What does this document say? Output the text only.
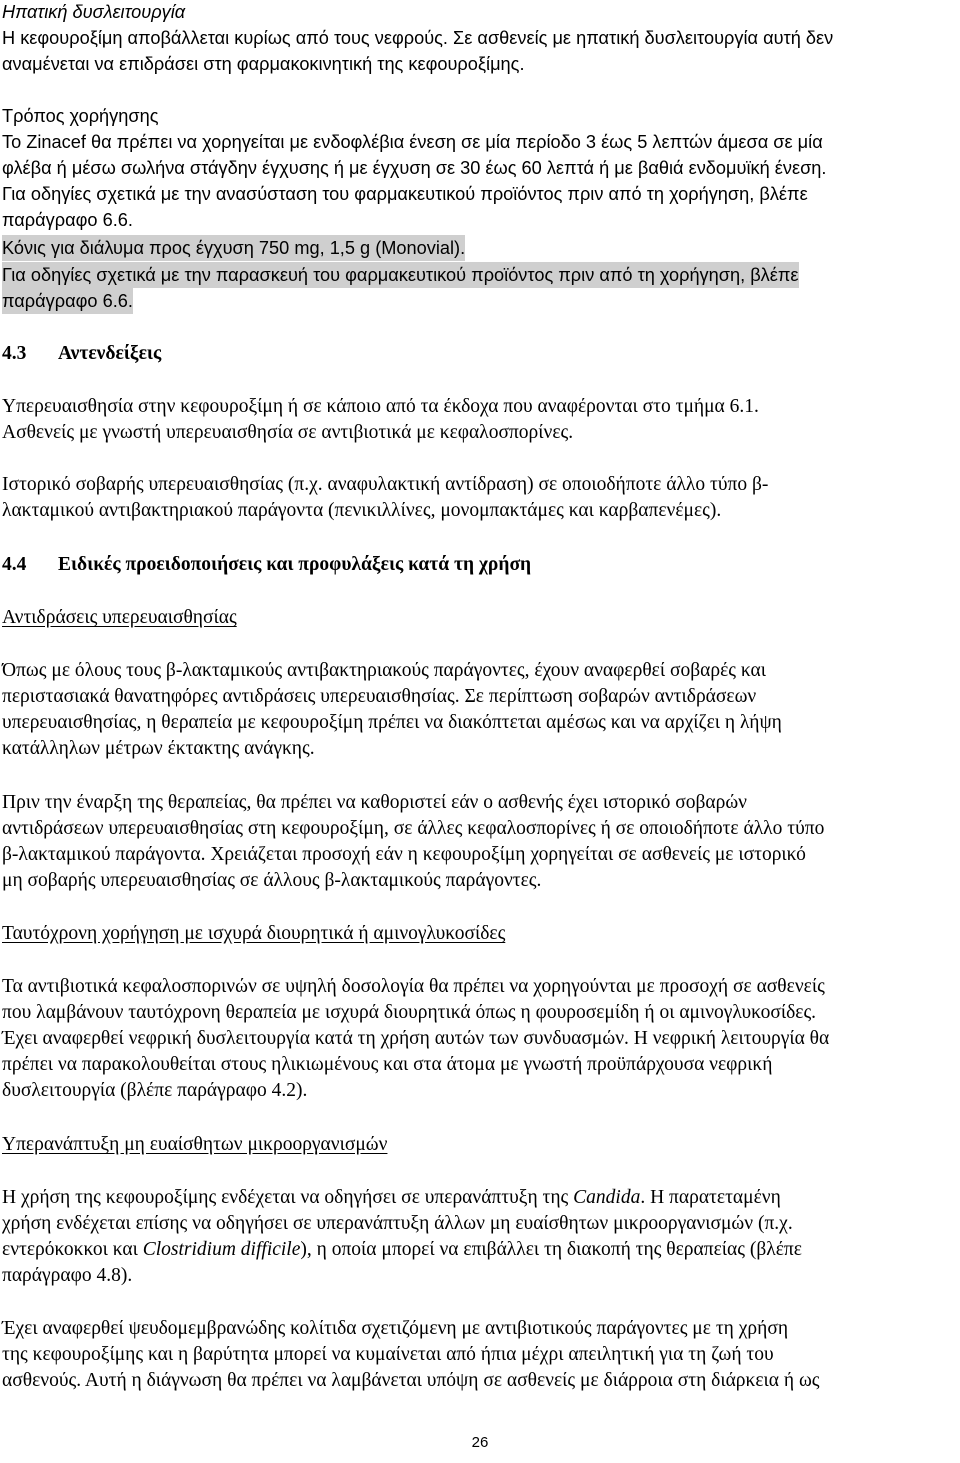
Ηπατική δυσλειτουργία
Η κεφουροξίμη αποβάλλεται κυρίως από τους νεφρούς. Σε ασθενείς με ηπατική δυσλειτουργία αυτή δεν
αναμένεται να επιδράσει στη φαρμακοκινητική της κεφουροξίμης.
Τρόπος χορήγησης
Το Zinacef θα πρέπει να χορηγείται με ενδοφλέβια ένεση σε μία περίοδο 3 έως 5 λεπτών άμεσα σε μία
φλέβα ή μέσω σωλήνα στάγδην έγχυσης ή με έγχυση σε 30 έως 60 λεπτά ή με βαθιά ενδομυϊκή ένεση.
Για οδηγίες σχετικά με την ανασύσταση του φαρμακευτικού προϊόντος πριν από τη χορήγηση, βλέπε
παράγραφο 6.6.
Κόνις για διάλυμα προς έγχυση 750 mg, 1,5 g (Monovial).
Για οδηγίες σχετικά με την παρασκευή του φαρμακευτικού προϊόντος πριν από τη χορήγηση, βλέπε
παράγραφο 6.6.
4.3 Αντενδείξεις
Υπερευαισθησία στην κεφουροξίμη ή σε κάποιο από τα έκδοχα που αναφέρονται στο τμήμα 6.1.
Ασθενείς με γνωστή υπερευαισθησία σε αντιβιοτικά με κεφαλοσπορίνες.
Ιστορικό σοβαρής υπερευαισθησίας (π.χ. αναφυλακτική αντίδραση) σε οποιοδήποτε άλλο τύπο β-
λακταμικού αντιβακτηριακού παράγοντα (πενικιλλίνες, μονομπακτάμες και καρβαπενέμες).
4.4 Ειδικές προειδοποιήσεις και προφυλάξεις κατά τη χρήση
Αντιδράσεις υπερευαισθησίας
Όπως με όλους τους β-λακταμικούς αντιβακτηριακούς παράγοντες, έχουν αναφερθεί σοβαρές και
περιστασιακά θανατηφόρες αντιδράσεις υπερευαισθησίας. Σε περίπτωση σοβαρών αντιδράσεων
υπερευαισθησίας, η θεραπεία με κεφουροξίμη πρέπει να διακόπτεται αμέσως και να αρχίζει η λήψη
κατάλληλων μέτρων έκτακτης ανάγκης.
Πριν την έναρξη της θεραπείας, θα πρέπει να καθοριστεί εάν ο ασθενής έχει ιστορικό σοβαρών
αντιδράσεων υπερευαισθησίας στη κεφουροξίμη, σε άλλες κεφαλοσπορίνες ή σε οποιοδήποτε άλλο τύπο
β-λακταμικού παράγοντα. Χρειάζεται προσοχή εάν η κεφουροξίμη χορηγείται σε ασθενείς με ιστορικό
μη σοβαρής υπερευαισθησίας σε άλλους β-λακταμικούς παράγοντες.
Ταυτόχρονη χορήγηση με ισχυρά διουρητικά ή αμινογλυκοσίδες
Τα αντιβιοτικά κεφαλοσπορινών σε υψηλή δοσολογία θα πρέπει να χορηγούνται με προσοχή σε ασθενείς
που λαμβάνουν ταυτόχρονη θεραπεία με ισχυρά διουρητικά όπως η φουροσεμίδη ή οι αμινογλυκοσίδες.
Έχει αναφερθεί νεφρική δυσλειτουργία κατά τη χρήση αυτών των συνδυασμών. Η νεφρική λειτουργία θα
πρέπει να παρακολουθείται στους ηλικιωμένους και στα άτομα με γνωστή προϋπάρχουσα νεφρική
δυσλειτουργία (βλέπε παράγραφο 4.2).
Υπερανάπτυξη μη ευαίσθητων μικροοργανισμών
Η χρήση της κεφουροξίμης ενδέχεται να οδηγήσει σε υπερανάπτυξη της Candida. Η παρατεταμένη
χρήση ενδέχεται επίσης να οδηγήσει σε υπερανάπτυξη άλλων μη ευαίσθητων μικροοργανισμών (π.χ.
εντερόκοκκοι και Clostridium difficile), η οποία μπορεί να επιβάλλει τη διακοπή της θεραπείας (βλέπε
παράγραφο 4.8).
Έχει αναφερθεί ψευδομεμβρανώδης κολίτιδα σχετιζόμενη με αντιβιοτικούς παράγοντες με τη χρήση
της κεφουροξίμης και η βαρύτητα μπορεί να κυμαίνεται από ήπια μέχρι απειλητική για τη ζωή του
ασθενούς. Αυτή η διάγνωση θα πρέπει να λαμβάνεται υπόψη σε ασθενείς με διάρροια στη διάρκεια ή ως
26
